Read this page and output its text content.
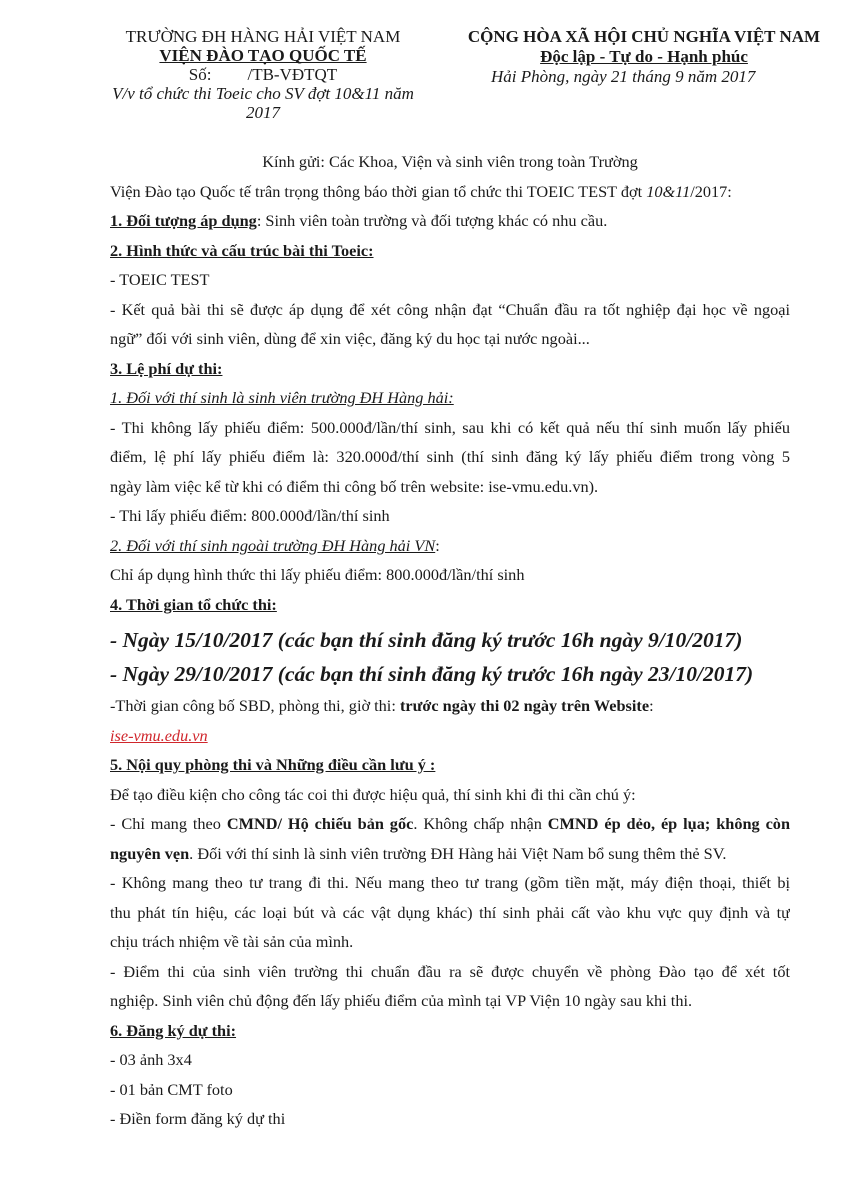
TRƯỜNG ĐH HÀNG HẢI VIỆT NAM
VIỆN ĐÀO TẠO QUỐC TẾ
Số: /TB-VĐTQT
V/v tổ chức thi Toeic cho SV đợt 10&11 năm
2017
CỘNG HÒA XÃ HỘI CHỦ NGHĨA VIỆT NAM
Độc lập - Tự do - Hạnh phúc
Hải Phòng, ngày 21 tháng 9 năm 2017
Kính gửi: Các Khoa, Viện và sinh viên trong toàn Trường
Viện Đào tạo Quốc tế trân trọng thông báo thời gian tổ chức thi TOEIC TEST đợt 10&11/2017:
1. Đối tượng áp dụng: Sinh viên toàn trường và đối tượng khác có nhu cầu.
2. Hình thức và cấu trúc bài thi Toeic:
- TOEIC TEST
- Kết quả bài thi sẽ được áp dụng để xét công nhận đạt “Chuẩn đầu ra tốt nghiệp đại học về ngoại
ngữ” đối với sinh viên, dùng để xin việc, đăng ký du học tại nước ngoài...
3. Lệ phí dự thi:
1. Đối với thí sinh là sinh viên trường ĐH Hàng hải:
- Thi không lấy phiếu điểm: 500.000đ/lần/thí sinh, sau khi có kết quả nếu thí sinh muốn lấy phiếu
điểm, lệ phí lấy phiếu điểm là: 320.000đ/thí sinh (thí sinh đăng ký lấy phiếu điểm trong vòng 5
ngày làm việc kể từ khi có điểm thi công bố trên website: ise-vmu.edu.vn).
- Thi lấy phiếu điểm: 800.000đ/lần/thí sinh
2. Đối với thí sinh ngoài trường ĐH Hàng hải VN:
Chỉ áp dụng hình thức thi lấy phiếu điểm: 800.000đ/lần/thí sinh
4. Thời gian tổ chức thi:
- Ngày 15/10/2017 (các bạn thí sinh đăng ký trước 16h ngày 9/10/2017)
- Ngày 29/10/2017 (các bạn thí sinh đăng ký trước 16h ngày 23/10/2017)
-Thời gian công bố SBD, phòng thi, giờ thi: trước ngày thi 02 ngày trên Website:
ise-vmu.edu.vn
5. Nội quy phòng thi và Những điều cần lưu ý :
Để tạo điều kiện cho công tác coi thi được hiệu quả, thí sinh khi đi thi cần chú ý:
- Chỉ mang theo CMND/ Hộ chiếu bản gốc. Không chấp nhận CMND ép dẻo, ép lụa; không còn
nguyên vẹn. Đối với thí sinh là sinh viên trường ĐH Hàng hải Việt Nam bổ sung thêm thẻ SV.
- Không mang theo tư trang đi thi. Nếu mang theo tư trang (gồm tiền mặt, máy điện thoại, thiết bị
thu phát tín hiệu, các loại bút và các vật dụng khác) thí sinh phải cất vào khu vực quy định và tự
chịu trách nhiệm về tài sản của mình.
- Điểm thi của sinh viên trường thi chuẩn đầu ra sẽ được chuyển về phòng Đào tạo để xét tốt
nghiệp. Sinh viên chủ động đến lấy phiếu điểm của mình tại VP Viện 10 ngày sau khi thi.
6. Đăng ký dự thi:
- 03 ảnh 3x4
- 01 bản CMT foto
- Điền form đăng ký dự thi
